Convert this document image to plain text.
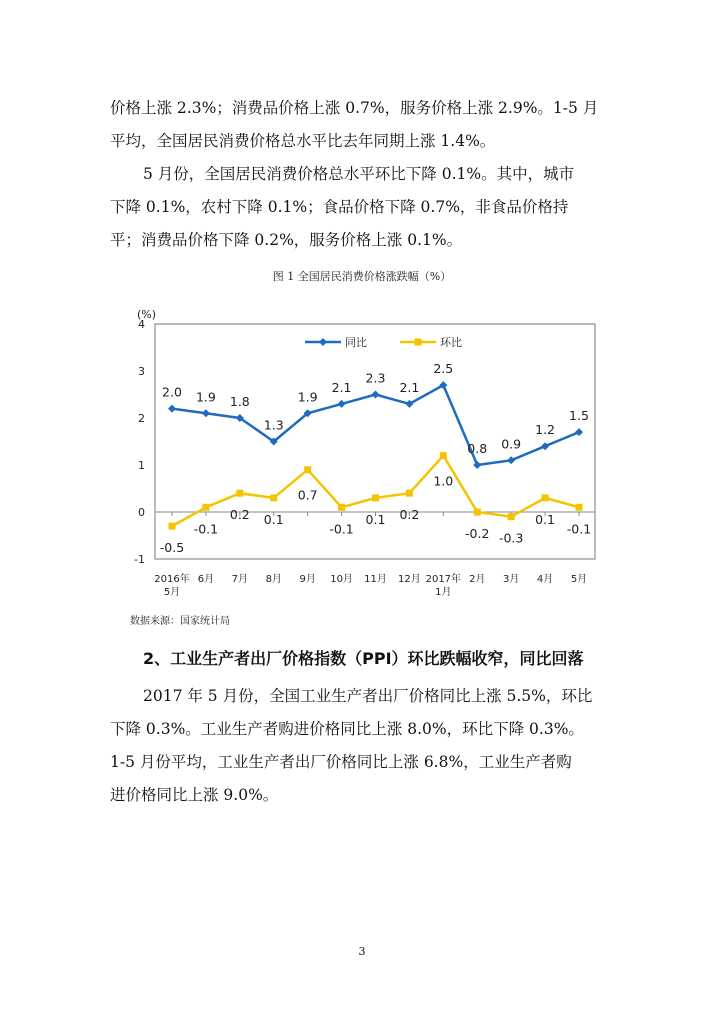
价格上涨 2.3%；消费品价格上涨 0.7%，服务价格上涨 2.9%。1-5 月
平均，全国居民消费价格总水平比去年同期上涨 1.4%。

5 月份，全国居民消费价格总水平环比下降 0.1%。其中，城市
下降 0.1%，农村下降 0.1%；食品价格下降 0.7%，非食品价格持
平；消费品价格下降 0.2%，服务价格上涨 0.1%。

图 1 全国居民消费价格涨跌幅（%）
-1
0
1
2
3
4
(%)
2016年
5月
6月 7月 8月 9月 10月 11月 12月 2017年
1月
2月 3月 4月 5月
2.0 1.9 1.8
1.3
1.9
2.1
2.3
2.1
2.5
0.8 0.9
1.2
1.5
-0.5
-0.1
0.2 0.1
0.7
-0.1
0.1 0.2
1.0
-0.2 -0.3
0.1
-0.1
同比	环比
数据来源：国家统计局
2、工业生产者出厂价格指数（PPI）环比跌幅收窄，同比回落

2017 年 5 月份，全国工业生产者出厂价格同比上涨 5.5%，环比
下降 0.3%。工业生产者购进价格同比上涨 8.0%，环比下降 0.3%。
1-5 月份平均，工业生产者出厂价格同比上涨 6.8%，工业生产者购
进价格同比上涨 9.0%。

3
